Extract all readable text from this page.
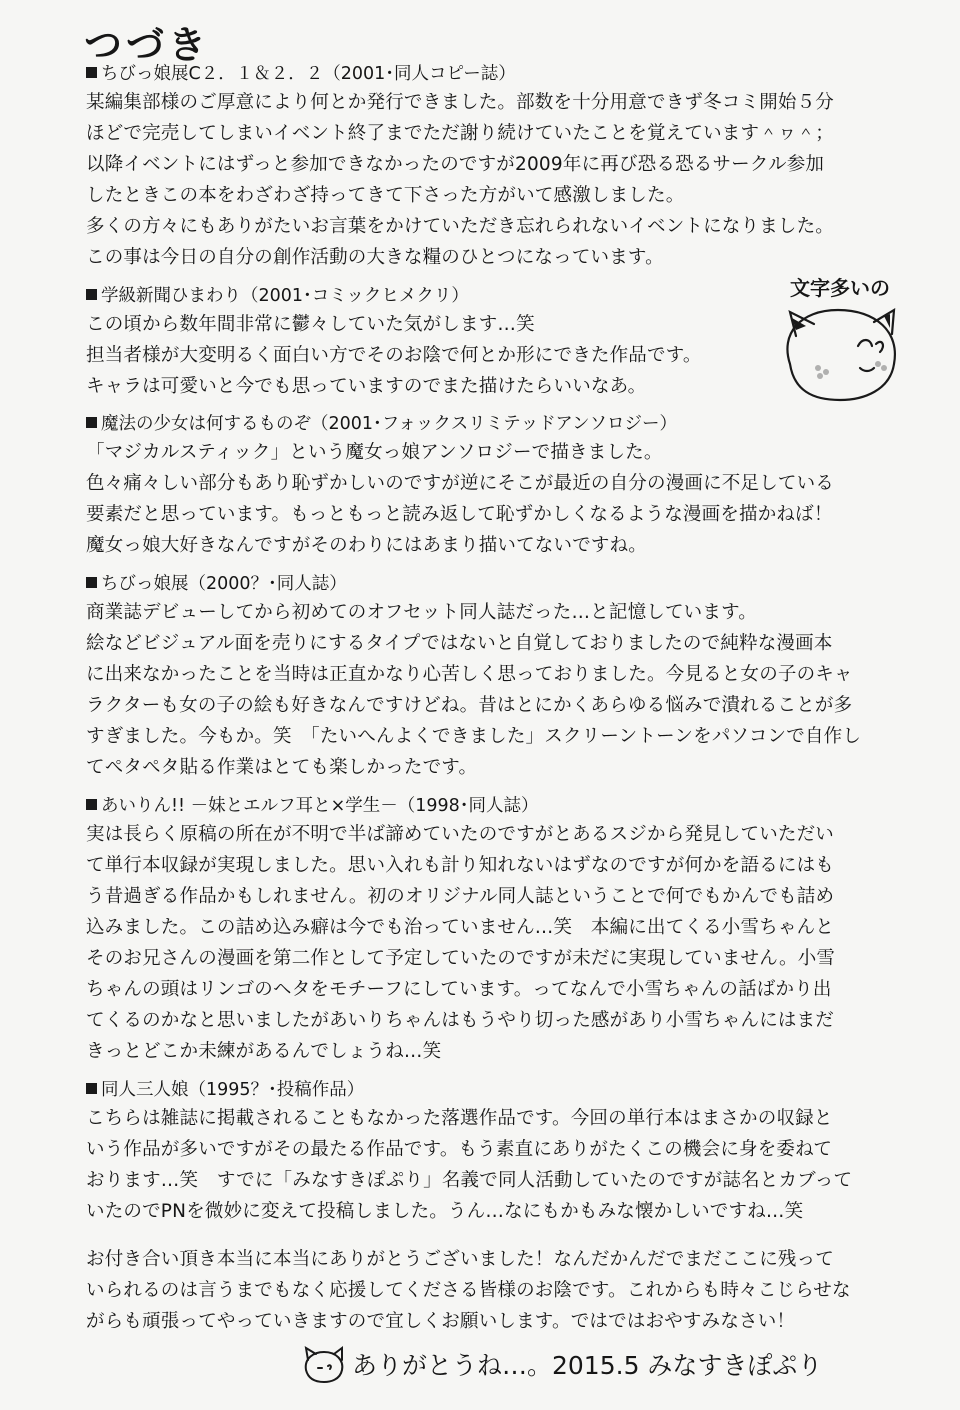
つづき
ちびっ娘展C２．１＆２．２（2001･同人コピー誌）
某編集部様のご厚意により何とか発行できました。部数を十分用意できず冬コミ開始５分
ほどで完売してしまいイベント終了までただ謝り続けていたことを覚えています＾ヮ＾；
以降イベントにはずっと参加できなかったのですが2009年に再び恐る恐るサークル参加
したときこの本をわざわざ持ってきて下さった方がいて感激しました。
多くの方々にもありがたいお言葉をかけていただき忘れられないイベントになりました。
この事は今日の自分の創作活動の大きな糧のひとつになっています。
学級新聞ひまわり（2001･コミックヒメクリ）
この頃から数年間非常に鬱々していた気がします…笑
担当者様が大変明るく面白い方でそのお陰で何とか形にできた作品です。
キャラは可愛いと今でも思っていますのでまた描けたらいいなあ。
文字多いの
魔法の少女は何するものぞ（2001･フォックスリミテッドアンソロジー）
「マジカルスティック」という魔女っ娘アンソロジーで描きました。
色々痛々しい部分もあり恥ずかしいのですが逆にそこが最近の自分の漫画に不足している
要素だと思っています。もっともっと読み返して恥ずかしくなるような漫画を描かねば！
魔女っ娘大好きなんですがそのわりにはあまり描いてないですね。
ちびっ娘展（2000？･同人誌）
商業誌デビューしてから初めてのオフセット同人誌だった…と記憶しています。
絵などビジュアル面を売りにするタイプではないと自覚しておりましたので純粋な漫画本
に出来なかったことを当時は正直かなり心苦しく思っておりました。今見ると女の子のキャ
ラクターも女の子の絵も好きなんですけどね。昔はとにかくあらゆる悩みで潰れることが多
すぎました。今もか。笑　「たいへんよくできました」スクリーントーンをパソコンで自作し
てペタペタ貼る作業はとても楽しかったです。
あいりん!! －妹とエルフ耳と×学生－（1998･同人誌）
実は長らく原稿の所在が不明で半ば諦めていたのですがとあるスジから発見していただい
て単行本収録が実現しました。思い入れも計り知れないはずなのですが何かを語るにはも
う昔過ぎる作品かもしれません。初のオリジナル同人誌ということで何でもかんでも詰め
込みました。この詰め込み癖は今でも治っていません…笑　本編に出てくる小雪ちゃんと
そのお兄さんの漫画を第二作として予定していたのですが未だに実現していません。小雪
ちゃんの頭はリンゴのヘタをモチーフにしています。ってなんで小雪ちゃんの話ばかり出
てくるのかなと思いましたがあいりちゃんはもうやり切った感があり小雪ちゃんにはまだ
きっとどこか未練があるんでしょうね…笑
同人三人娘（1995？･投稿作品）
こちらは雑誌に掲載されることもなかった落選作品です。今回の単行本はまさかの収録と
いう作品が多いですがその最たる作品です。もう素直にありがたくこの機会に身を委ねて
おります…笑　すでに「みなすきぽぷり」名義で同人活動していたのですが誌名とカブって
いたのでPNを微妙に変えて投稿しました。うん…なにもかもみな懐かしいですね…笑
お付き合い頂き本当に本当にありがとうございました！なんだかんだでまだここに残って
いられるのは言うまでもなく応援してくださる皆様のお陰です。これからも時々こじらせな
がらも頑張ってやっていきますので宜しくお願いします。ではではおやすみなさい！
ありがとうね…。2015.5 みなすきぽぷり
